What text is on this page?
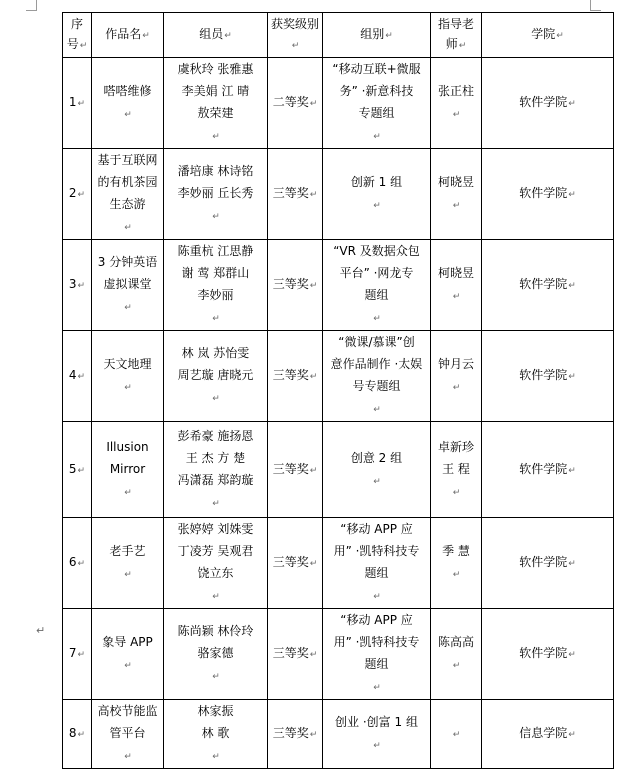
序号↵	作品名↵	组员↵	获奖级别↵	组别↵	指导老师↵	学院↵
1↵	嗒嗒维修
↵	虞秋玲 张雅惠
李美娟 江 晴
敖荣建
↵	二等奖↵	“移动互联+微服
务” ·新意科技
专题组
↵	张正柱
↵	软件学院↵
2↵	基于互联网
的有机茶园
生态游
↵	潘培康 林诗铭
李妙丽 丘长秀
↵	三等奖↵	创新 1 组
↵	柯晓昱
↵	软件学院↵
3↵	3 分钟英语
虚拟课堂
↵	陈重杭 江思静
谢 莺 郑群山
李妙丽
↵	三等奖↵	“VR 及数据众包
平台” ·网龙专
题组
↵	柯晓昱
↵	软件学院↵
4↵	天文地理
↵	林 岚 苏怡雯
周艺璇 唐晓元
↵	三等奖↵	“微课/慕课”创
意作品制作 ·太娱
号专题组
↵	钟月云
↵	软件学院↵
5↵	Illusion
Mirror
↵	彭希豪 施扬恩
王 杰 方 楚
冯潇磊 郑韵璇
↵	三等奖↵	创意 2 组
↵	卓新珍
王 程
↵	软件学院↵
6↵	老手艺
↵	张婷婷 刘姝雯
丁凌芳 吴观君
饶立东
↵	三等奖↵	“移动 APP 应
用” ·凯特科技专
题组
↵	季 慧
↵	软件学院↵
7↵	象导 APP
↵	陈尚颖 林伶玲
骆家德
↵	三等奖↵	“移动 APP 应
用” ·凯特科技专
题组
↵	陈高高
↵	软件学院↵
8↵	高校节能监
管平台
↵	林家振
林 歌
↵	三等奖↵	创业 ·创富 1 组
↵	↵	信息学院↵
↵
